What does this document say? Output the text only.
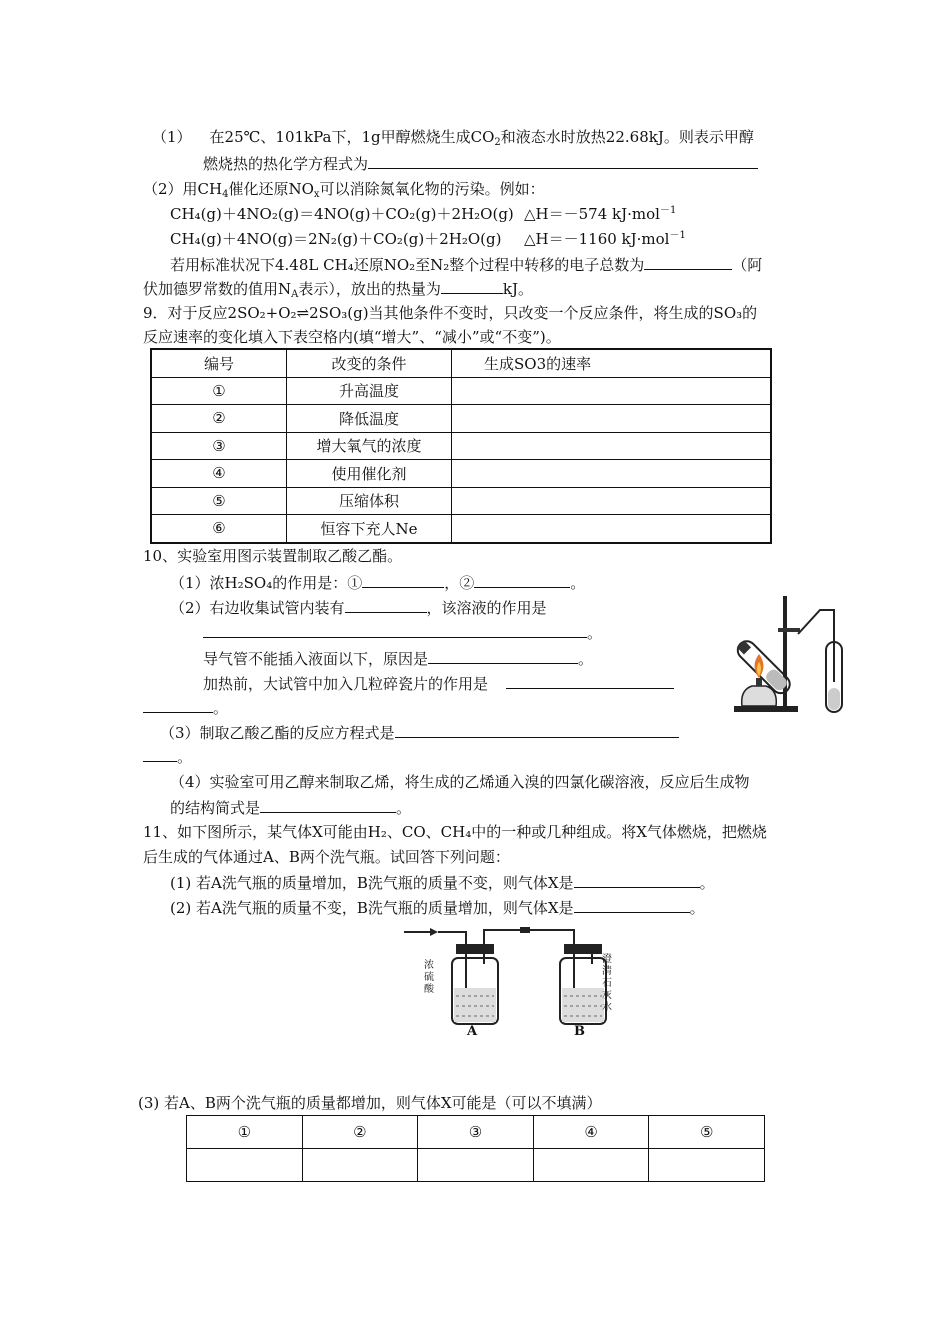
（1） 在25℃、101kPa下，1g甲醇燃烧生成$CO_2$和液态水时放热22.68kJ。则表示甲醇
燃烧热的热化学方程式为
（2）用$CH_4$催化还原$NO_x$可以消除氮氧化物的污染。例如：
CH₄(g)＋4NO₂(g)＝4NO(g)＋CO₂(g)＋2H₂O(g) △H＝－574 kJ·mol$^{-1}$
CH₄(g)＋4NO(g)＝2N₂(g)＋CO₂(g)＋2H₂O(g) △H＝－1160 kJ·mol$^{-1}$
若用标准状况下4.48L CH₄还原NO₂至N₂整个过程中转移的电子总数为	（阿
伏加德罗常数的值用$N_A$表示），放出的热量为	kJ。
9．对于反应2SO₂+O₂⇌2SO₃(g)当其他条件不变时，只改变一个反应条件，将生成的SO₃的
反应速率的变化填入下表空格内(填“增大”、“减小”或“不变”)。
编号	改变的条件	生成SO3的速率
①	升高温度	
②	降低温度	
③	增大氧气的浓度	
④	使用催化剂	
⑤	压缩体积	
⑥	恒容下充人Ne	
10、实验室用图示装置制取乙酸乙酯。
（1）浓H₂SO₄的作用是：①	，②	。
（2）右边收集试管内装有	，该溶液的作用是
。
导气管不能插入液面以下，原因是	。
加热前，大试管中加入几粒碎瓷片的作用是
。
（3）制取乙酸乙酯的反应方程式是
。
（4）实验室可用乙醇来制取乙烯，将生成的乙烯通入溴的四氯化碳溶液，反应后生成物
的结构简式是	。
11、如下图所示，某气体X可能由H₂、CO、CH₄中的一种或几种组成。将X气体燃烧，把燃烧
后生成的气体通过A、B两个洗气瓶。试回答下列问题：
(1) 若A洗气瓶的质量增加，B洗气瓶的质量不变，则气体X是	。
(2) 若A洗气瓶的质量不变，B洗气瓶的质量增加，则气体X是	。
浓硫酸
澄清石灰水
A	B
(3) 若A、B两个洗气瓶的质量都增加，则气体X可能是（可以不填满）
①	②	③	④	⑤
